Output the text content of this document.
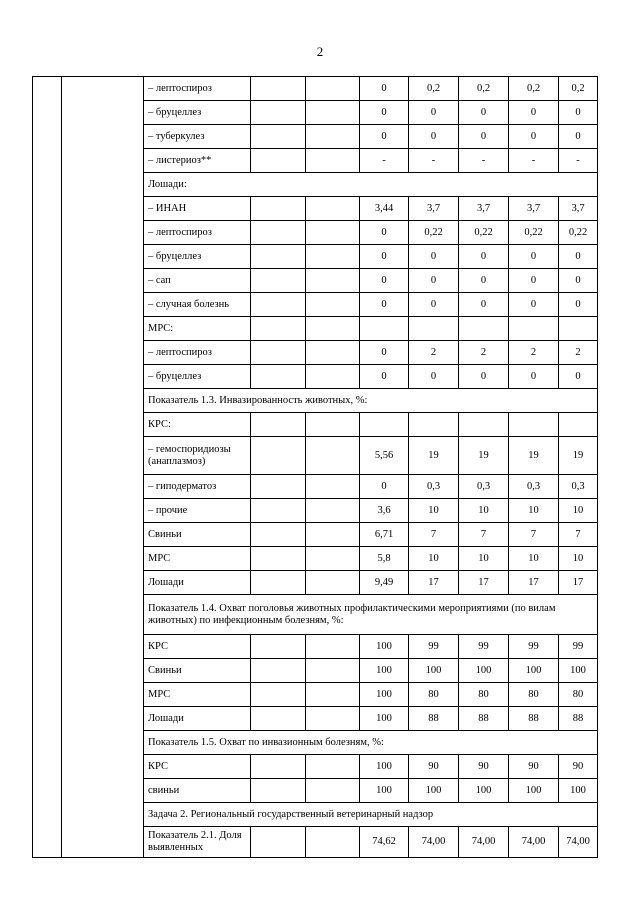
2
		– лептоспироз			0	0,2	0,2	0,2	0,2
		– бруцеллез			0	0	0	0	0
		– туберкулез			0	0	0	0	0
		– листериоз**			-	-	-	-	-
		Лошади:							
		– ИНАН			3,44	3,7	3,7	3,7	3,7
		– лептоспироз			0	0,22	0,22	0,22	0,22
		– бруцеллез			0	0	0	0	0
		– сап			0	0	0	0	0
		– случная болезнь			0	0	0	0	0
		МРС:							
		– лептоспироз			0	2	2	2	2
		– бруцеллез			0	0	0	0	0
		Показатель 1.3. Инвазированность животных, %:							
		КРС:							
		– гемоспоридиозы (анаплазмоз)			5,56	19	19	19	19
		– гиподерматоз			0	0,3	0,3	0,3	0,3
		– прочие			3,6	10	10	10	10
		Свиньи			6,71	7	7	7	7
		МРС			5,8	10	10	10	10
		Лошади			9,49	17	17	17	17
		Показатель 1.4. Охват поголовья животных профилактическими мероприятиями (по вилам животных) по инфекционным болезням, %:							
		КРС			100	99	99	99	99
		Свиньи			100	100	100	100	100
		МРС			100	80	80	80	80
		Лошади			100	88	88	88	88
		Показатель 1.5. Охват по инвазионным болезням, %:							
		КРС			100	90	90	90	90
		свиньи			100	100	100	100	100
		Задача 2. Региональный государственный ветеринарный надзор							
		Показатель 2.1. Доля выявленных			74,62	74,00	74,00	74,00	74,00
